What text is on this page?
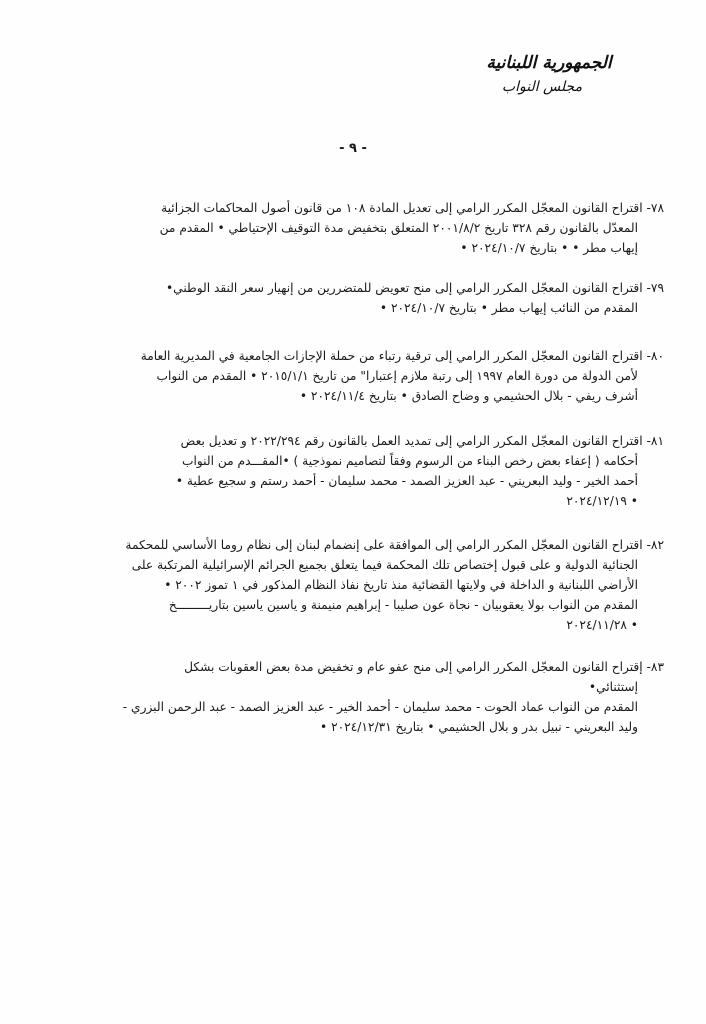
الجمهورية اللبنانية
مجلس النواب
- ٩ -
٧٨- اقتراح القانون المعجّل المكرر الرامي إلى تعديل المادة ١٠٨ من قانون أصول المحاكمات الجزائية
المعدّل بالقانون رقم ٣٢٨ تاريخ ٢٠٠١/٨/٢ المتعلق بتخفيض مدة التوقيف الإحتياطي • المقدم من
إيهاب مطر • • بتاريخ ٢٠٢٤/١٠/٧ •
٧٩- اقتراح القانون المعجّل المكرر الرامي إلى منح تعويض للمتضررين من إنهيار سعر النقد الوطني•
المقدم من النائب إيهاب مطر • بتاريخ ٢٠٢٤/١٠/٧ •
٨٠- اقتراح القانون المعجّل المكرر الرامي إلى ترقية رتباء من حملة الإجازات الجامعية في المديرية العامة
لأمن الدولة من دورة العام ١٩٩٧ إلى رتبة ملازم إعتبارا" من تاريخ ٢٠١٥/١/١ • المقدم من النواب
أشرف ريفي - بلال الحشيمي و وضاح الصادق • بتاريخ ٢٠٢٤/١١/٤ •
٨١- اقتراح القانون المعجّل المكرر الرامي إلى تمديد العمل بالقانون رقم ٢٠٢٢/٢٩٤ و تعديل بعض
أحكامه ( إعفاء بعض رخص البناء من الرسوم وفقاً لتصاميم نموذجية ) •المقـــدم من النواب
أحمد الخير - وليد البعريني - عبد العزيز الصمد - محمد سليمان - أحمد رستم و سجيع عطية •
• ٢٠٢٤/١٢/١٩
٨٢- اقتراح القانون المعجّل المكرر الرامي إلى الموافقة على إنضمام لبنان إلى نظام روما الأساسي للمحكمة
الجنائية الدولية و على قبول إختصاص تلك المحكمة فيما يتعلق بجميع الجرائم الإسرائيلية المرتكبة على
الأراضي اللبنانية و الداخلة في ولايتها القضائية منذ تاريخ نفاذ النظام المذكور في ١ تموز ٢٠٠٢ •
المقدم من النواب بولا يعقوبيان - نجاة عون صليبا - إبراهيم منيمنة و ياسين ياسين بتاريـــــــــخ
• ٢٠٢٤/١١/٢٨
٨٣- إقتراح القانون المعجّل المكرر الرامي إلى منح عفو عام و تخفيض مدة بعض العقوبات بشكل
إستثنائي•
المقدم من النواب عماد الحوت - محمد سليمان - أحمد الخير - عبد العزيز الصمد - عبد الرحمن البزري -
وليد البعريني - نبيل بدر و بلال الحشيمي • بتاريخ ٢٠٢٤/١٢/٣١ •
